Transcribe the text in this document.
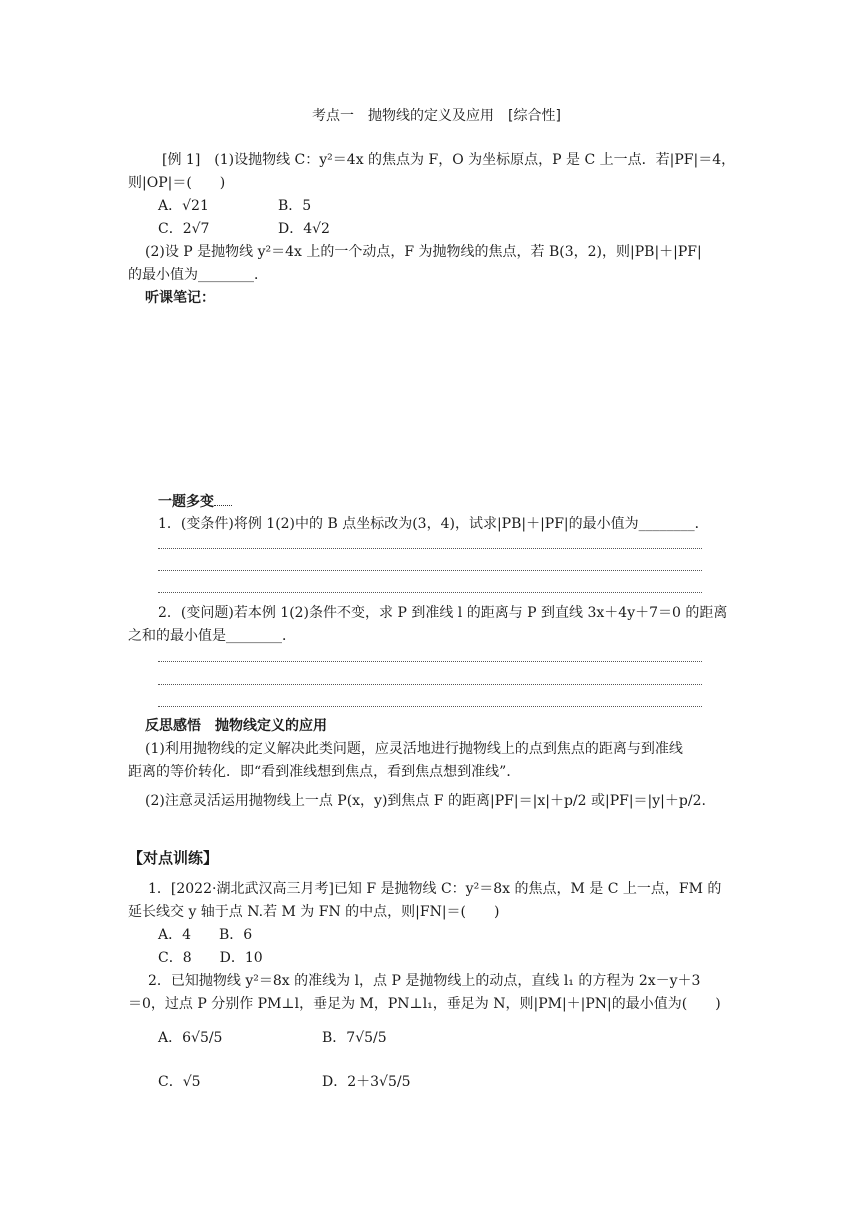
考点一　抛物线的定义及应用　[综合性]
[例 1]　(1)设抛物线 C：y²＝4x 的焦点为 F，O 为坐标原点，P 是 C 上一点．若|PF|＝4，
则|OP|＝(　　)
A．√21	B．5
C．2√7	D．4√2
(2)设 P 是抛物线 y²＝4x 上的一个动点，F 为抛物线的焦点，若 B(3，2)，则|PB|＋|PF|
的最小值为________．
听课笔记：
一题多变
1．(变条件)将例 1(2)中的 B 点坐标改为(3，4)，试求|PB|＋|PF|的最小值为________．
2．(变问题)若本例 1(2)条件不变，求 P 到准线 l 的距离与 P 到直线 3x＋4y＋7＝0 的距离
之和的最小值是________．
反思感悟　抛物线定义的应用
(1)利用抛物线的定义解决此类问题，应灵活地进行抛物线上的点到焦点的距离与到准线
距离的等价转化．即“看到准线想到焦点，看到焦点想到准线”．
(2)注意灵活运用抛物线上一点 P(x，y)到焦点 F 的距离|PF|＝|x|＋p/2 或|PF|＝|y|＋p/2.
【对点训练】
1．[2022·湖北武汉高三月考]已知 F 是抛物线 C：y²＝8x 的焦点，M 是 C 上一点，FM 的
延长线交 y 轴于点 N.若 M 为 FN 的中点，则|FN|＝(　　)
A．4　　B．6
C．8　　D．10
2．已知抛物线 y²＝8x 的准线为 l，点 P 是抛物线上的动点，直线 l₁ 的方程为 2x－y＋3
＝0，过点 P 分别作 PM⊥l，垂足为 M，PN⊥l₁，垂足为 N，则|PM|＋|PN|的最小值为(　　)
A．6√5/5	B．7√5/5
C．√5	D．2＋3√5/5
